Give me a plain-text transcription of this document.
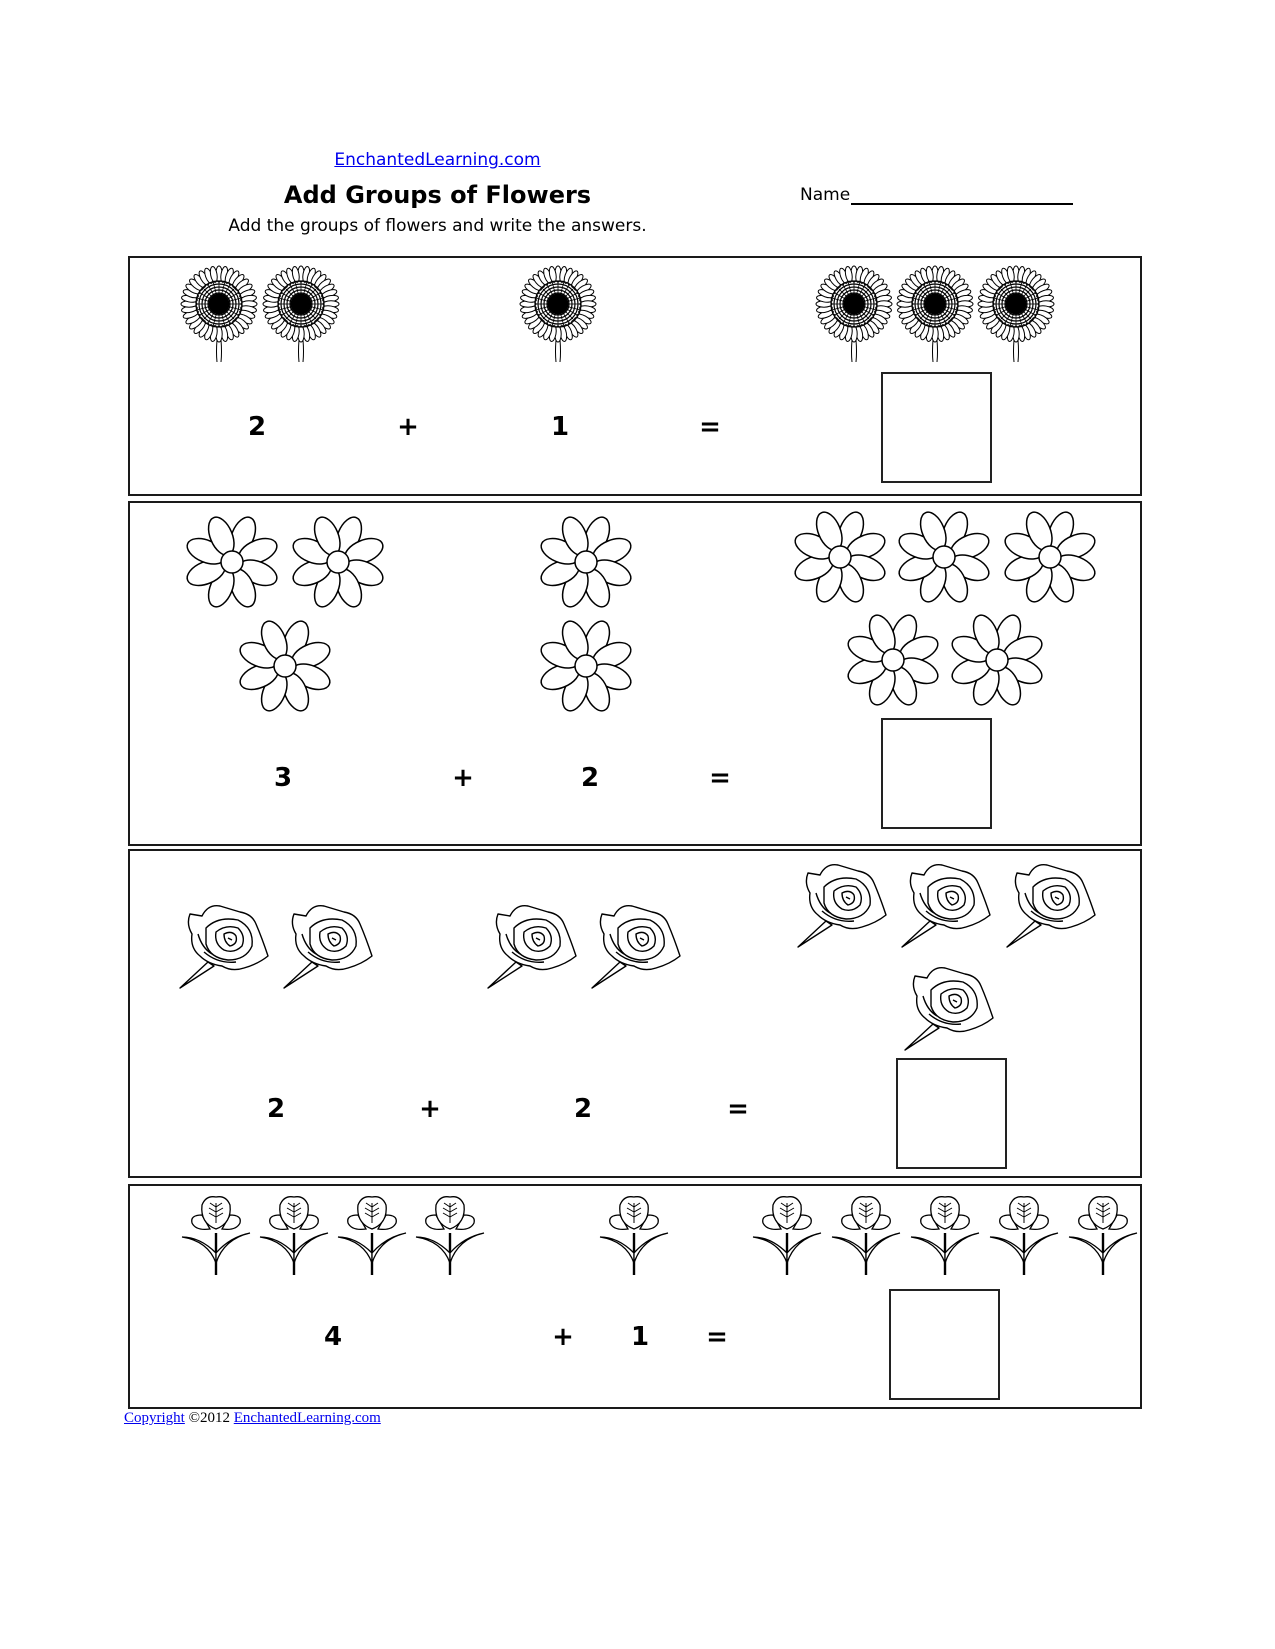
EnchantedLearning.com
Add Groups of Flowers
Add the groups of flowers and write the answers.
Name
2	+	1	=
3	+	2	=
2	+	2	=
4	+ 1 =
Copyright ©2012 EnchantedLearning.com
